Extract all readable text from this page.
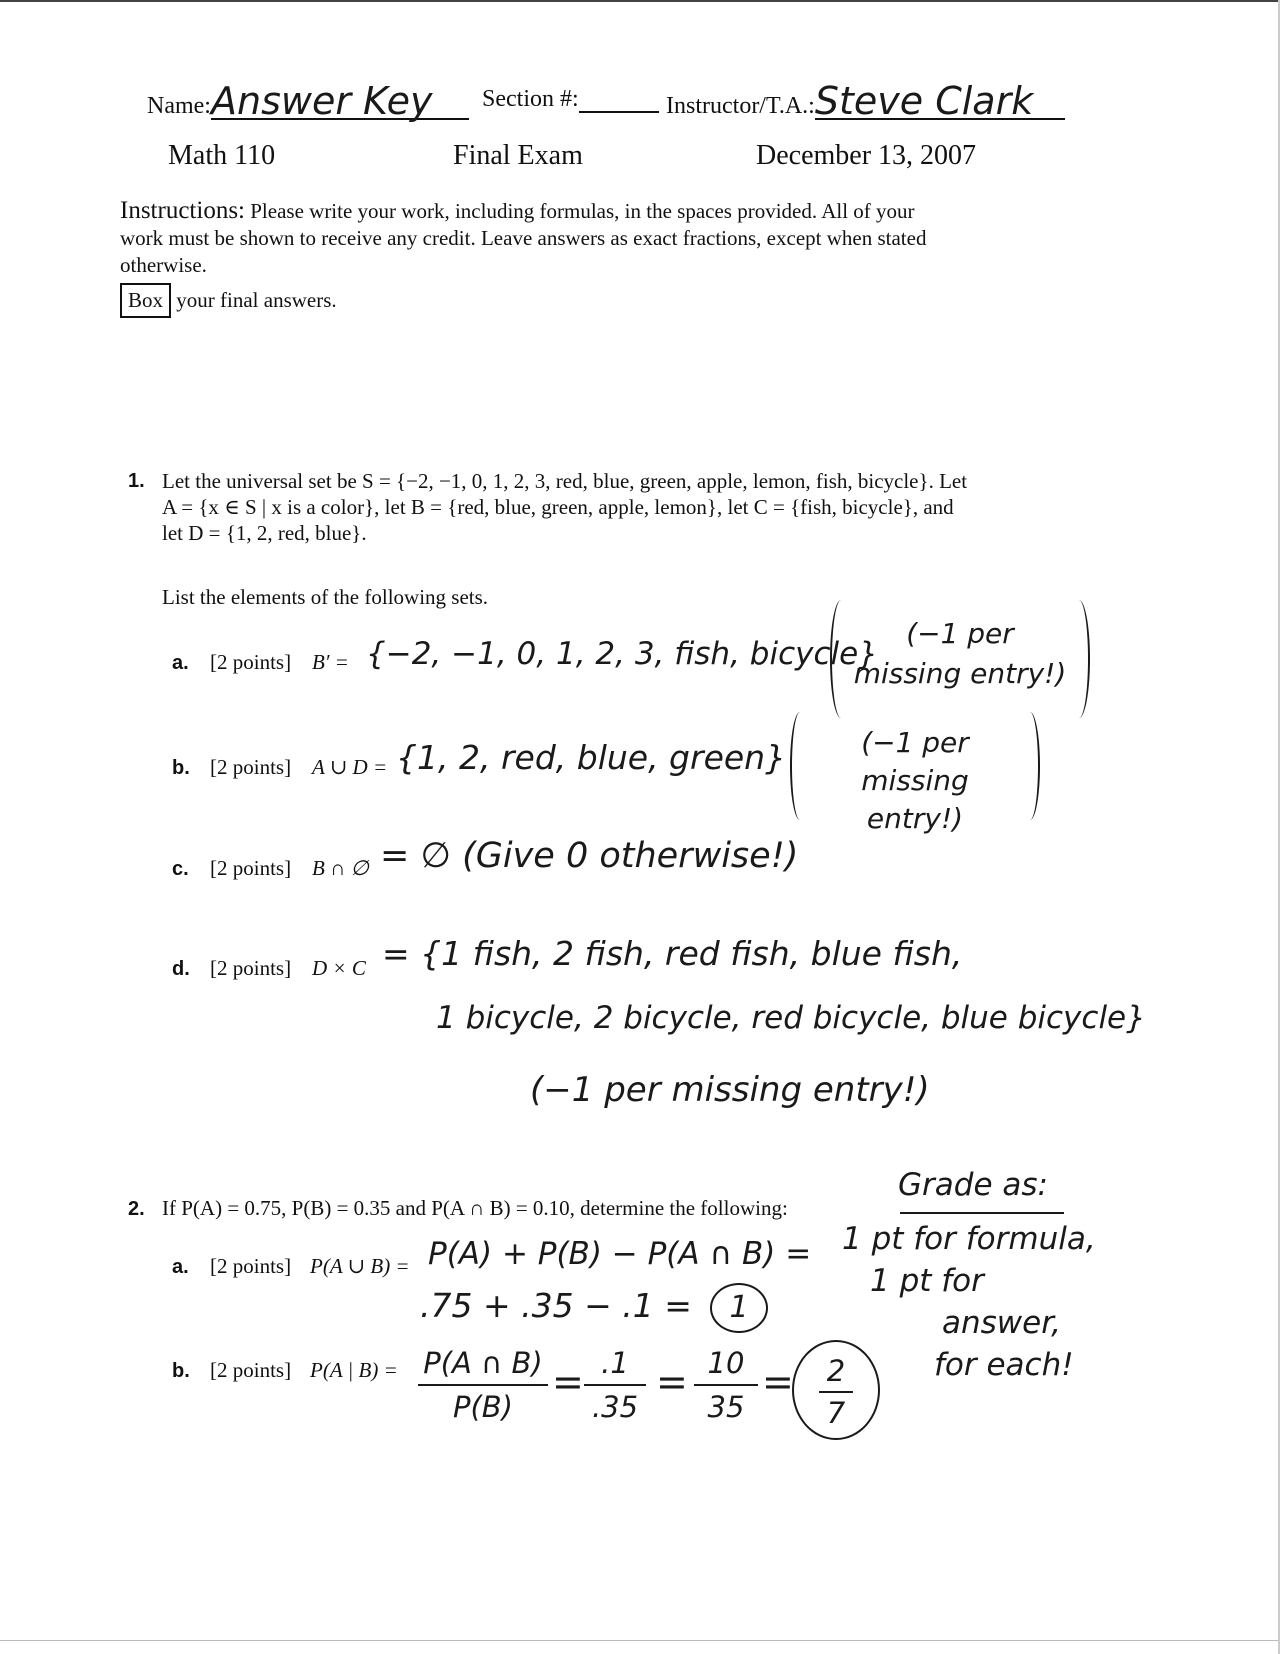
Name:Answer Key	Section #:	Instructor/T.A.:Steve Clark
Math 110	Final Exam	December 13, 2007
Instructions: Please write your work, including formulas, in the spaces provided. All of your
work must be shown to receive any credit. Leave answers as exact fractions, except when stated
otherwise.
Box your final answers.
1. Let the universal set be S = {−2, −1, 0, 1, 2, 3, red, blue, green, apple, lemon, fish, bicycle}. Let
A = {x ∈ S | x is a color}, let B = {red, blue, green, apple, lemon}, let C = {fish, bicycle}, and
let D = {1, 2, red, blue}.
List the elements of the following sets.
a. [2 points] B′ = {−2, −1, 0, 1, 2, 3, fish, bicycle}
(−1 per missing entry!)
b. [2 points] A ∪ D = {1, 2, red, blue, green}	(−1 per missing entry!)
c. [2 points] B ∩ ∅ = ∅ (Give 0 otherwise!)
d. [2 points] D × C = {1 fish, 2 fish, red fish, blue fish,
1 bicycle, 2 bicycle, red bicycle, blue bicycle}
(−1 per missing entry!)
2. If P(A) = 0.75, P(B) = 0.35 and P(A ∩ B) = 0.10, determine the following:
Grade as:
1 pt for formula,
1 pt for
answer,
for each!
a. [2 points] P(A ∪ B) = P(A) + P(B) − P(A ∩ B) =
.75 + .35 − .1 =	1
b. [2 points] P(A | $B) = \frac{P(A \cap B)}{P(B)} = \frac{.1}{.35} = \frac{10}{35}$ =
$\frac{2}{7}$
